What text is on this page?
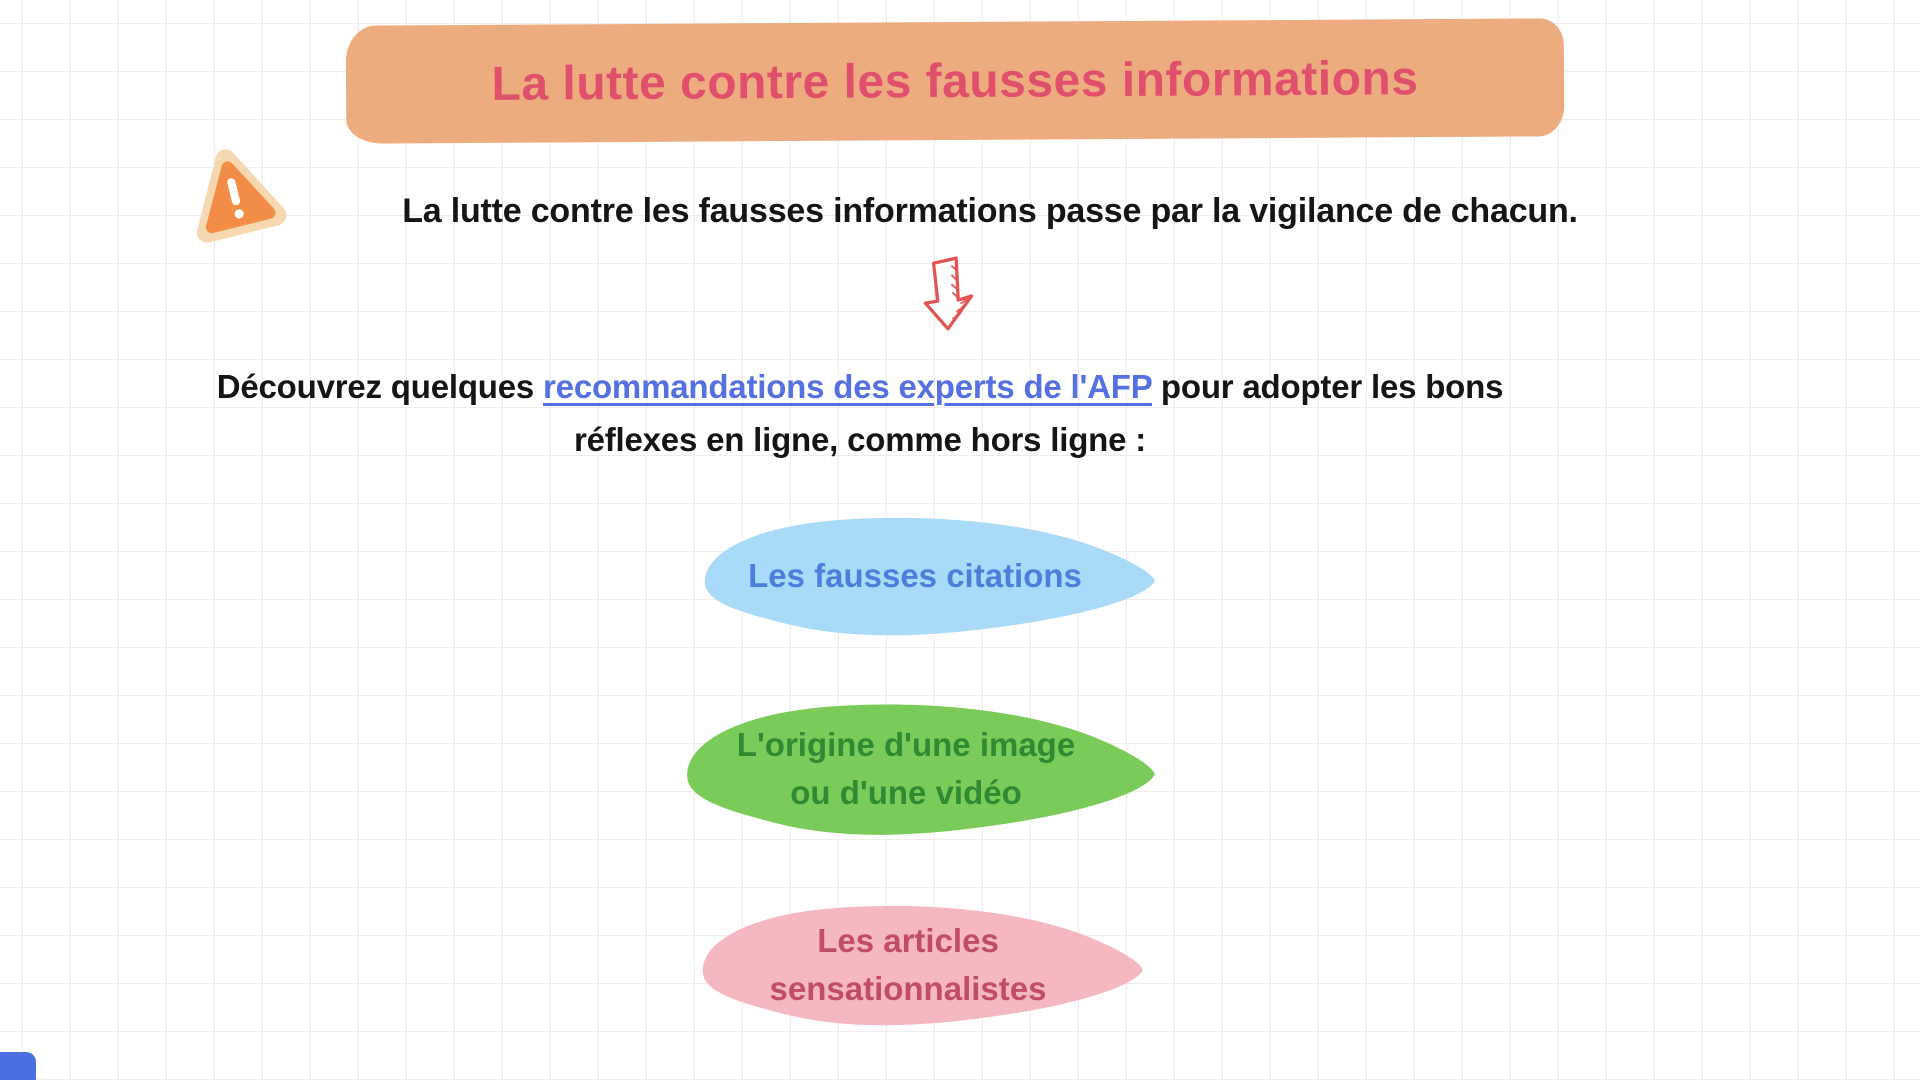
La lutte contre les fausses informations

La lutte contre les fausses informations passe par la vigilance de chacun.

Découvrez quelques recommandations des experts de l'AFP pour adopter les bons
réflexes en ligne, comme hors ligne :

Les fausses citations
L'origine d'une image
ou d'une vidéo
Les articles
sensationnalistes
